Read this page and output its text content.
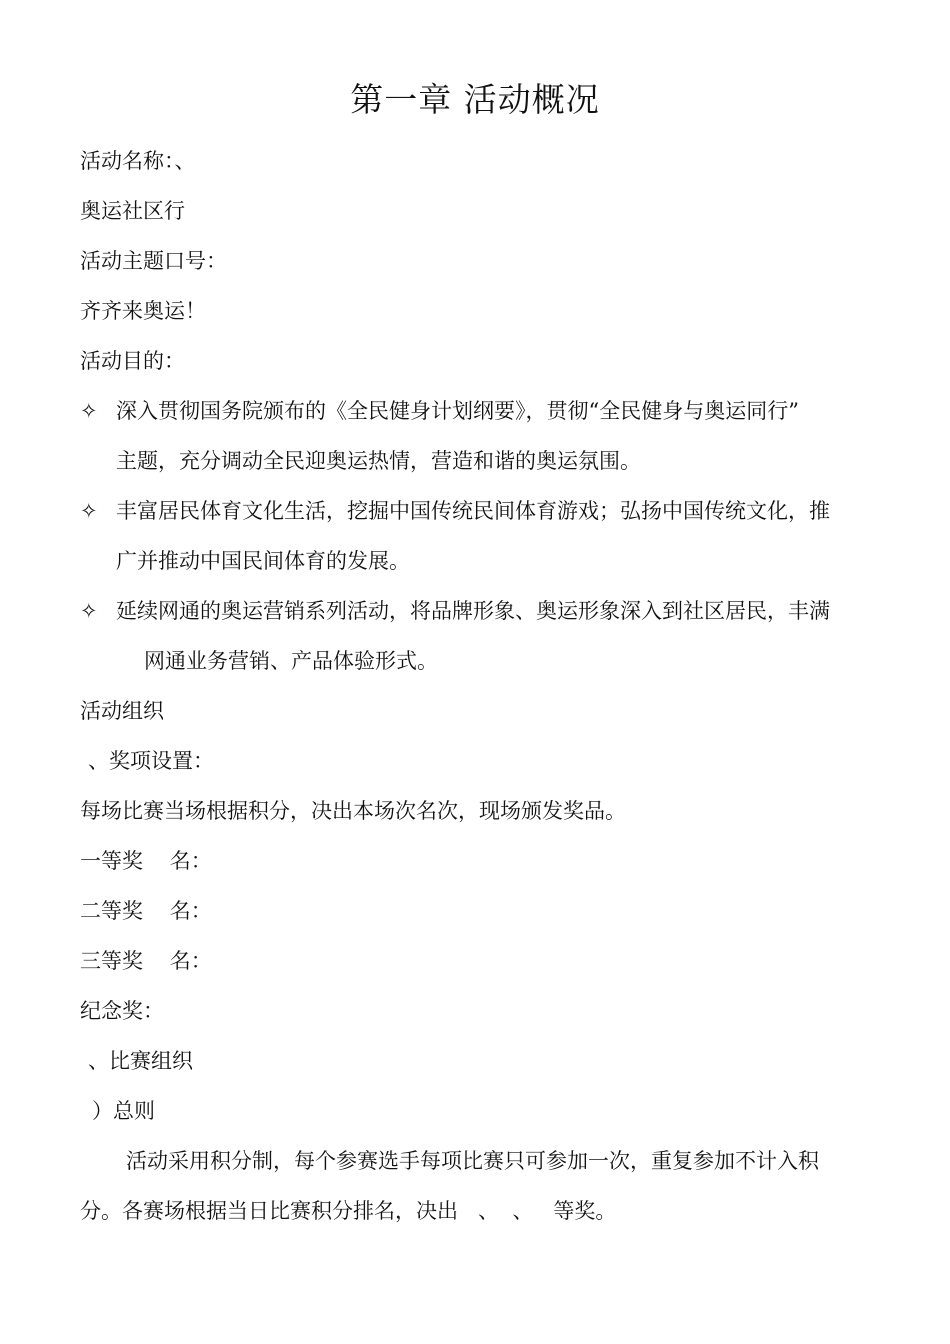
第一章 活动概况
活动名称：、
奥运社区行
活动主题口号：
齐齐来奥运！
活动目的：
✧ 深入贯彻国务院颁布的《全民健身计划纲要》，贯彻“全民健身与奥运同行”
主题，充分调动全民迎奥运热情，营造和谐的奥运氛围。
✧ 丰富居民体育文化生活，挖掘中国传统民间体育游戏；弘扬中国传统文化，推
广并推动中国民间体育的发展。
✧ 延续网通的奥运营销系列活动，将品牌形象、奥运形象深入到社区居民，丰满
网通业务营销、产品体验形式。
活动组织
、奖项设置：
每场比赛当场根据积分，决出本场次名次，现场颁发奖品。
一等奖    名：
二等奖    名：
三等奖    名：
纪念奖：
、比赛组织
）总则
活动采用积分制，每个参赛选手每项比赛只可参加一次，重复参加不计入积
分。各赛场根据当日比赛积分排名，决出   、  、   等奖。
